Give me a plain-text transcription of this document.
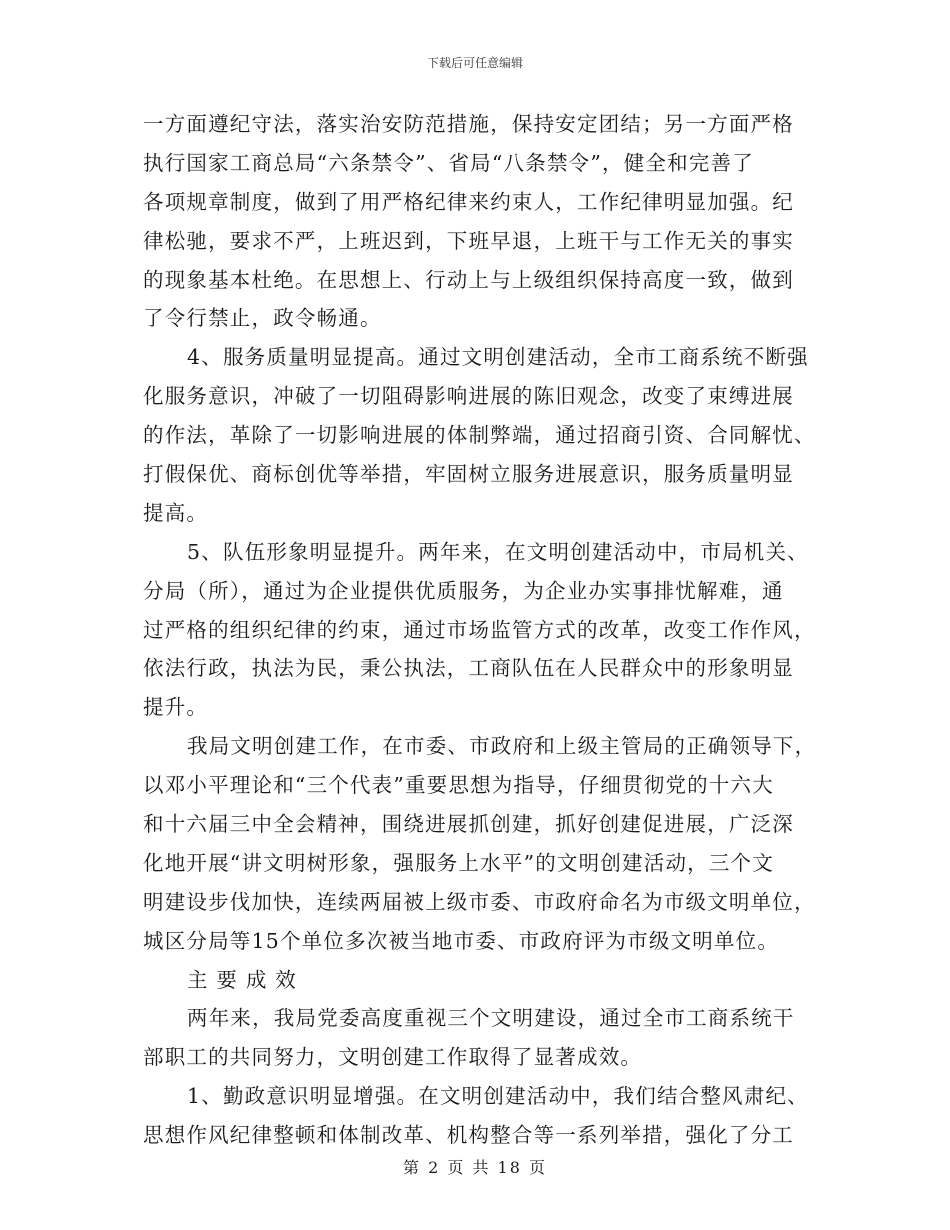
下载后可任意编辑
一方面遵纪守法，落实治安防范措施，保持安定团结；另一方面严格
执行国家工商总局“六条禁令”、省局“八条禁令”，健全和完善了
各项规章制度，做到了用严格纪律来约束人，工作纪律明显加强。纪
律松驰，要求不严，上班迟到，下班早退，上班干与工作无关的事实
的现象基本杜绝。在思想上、行动上与上级组织保持高度一致，做到
了令行禁止，政令畅通。
4、服务质量明显提高。通过文明创建活动，全市工商系统不断强
化服务意识，冲破了一切阻碍影响进展的陈旧观念，改变了束缚进展
的作法，革除了一切影响进展的体制弊端，通过招商引资、合同解忧、
打假保优、商标创优等举措，牢固树立服务进展意识，服务质量明显
提高。
5、队伍形象明显提升。两年来，在文明创建活动中，市局机关、
分局（所），通过为企业提供优质服务，为企业办实事排忧解难，通
过严格的组织纪律的约束，通过市场监管方式的改革，改变工作作风，
依法行政，执法为民，秉公执法，工商队伍在人民群众中的形象明显
提升。
我局文明创建工作，在市委、市政府和上级主管局的正确领导下，
以邓小平理论和“三个代表”重要思想为指导，仔细贯彻党的十六大
和十六届三中全会精神，围绕进展抓创建，抓好创建促进展，广泛深
化地开展“讲文明树形象，强服务上水平”的文明创建活动，三个文
明建设步伐加快，连续两届被上级市委、市政府命名为市级文明单位，
城区分局等15个单位多次被当地市委、市政府评为市级文明单位。
主 要 成 效
两年来，我局党委高度重视三个文明建设，通过全市工商系统干
部职工的共同努力，文明创建工作取得了显著成效。
1、勤政意识明显增强。在文明创建活动中，我们结合整风肃纪、
思想作风纪律整顿和体制改革、机构整合等一系列举措，强化了分工
第 2 页 共 18 页
